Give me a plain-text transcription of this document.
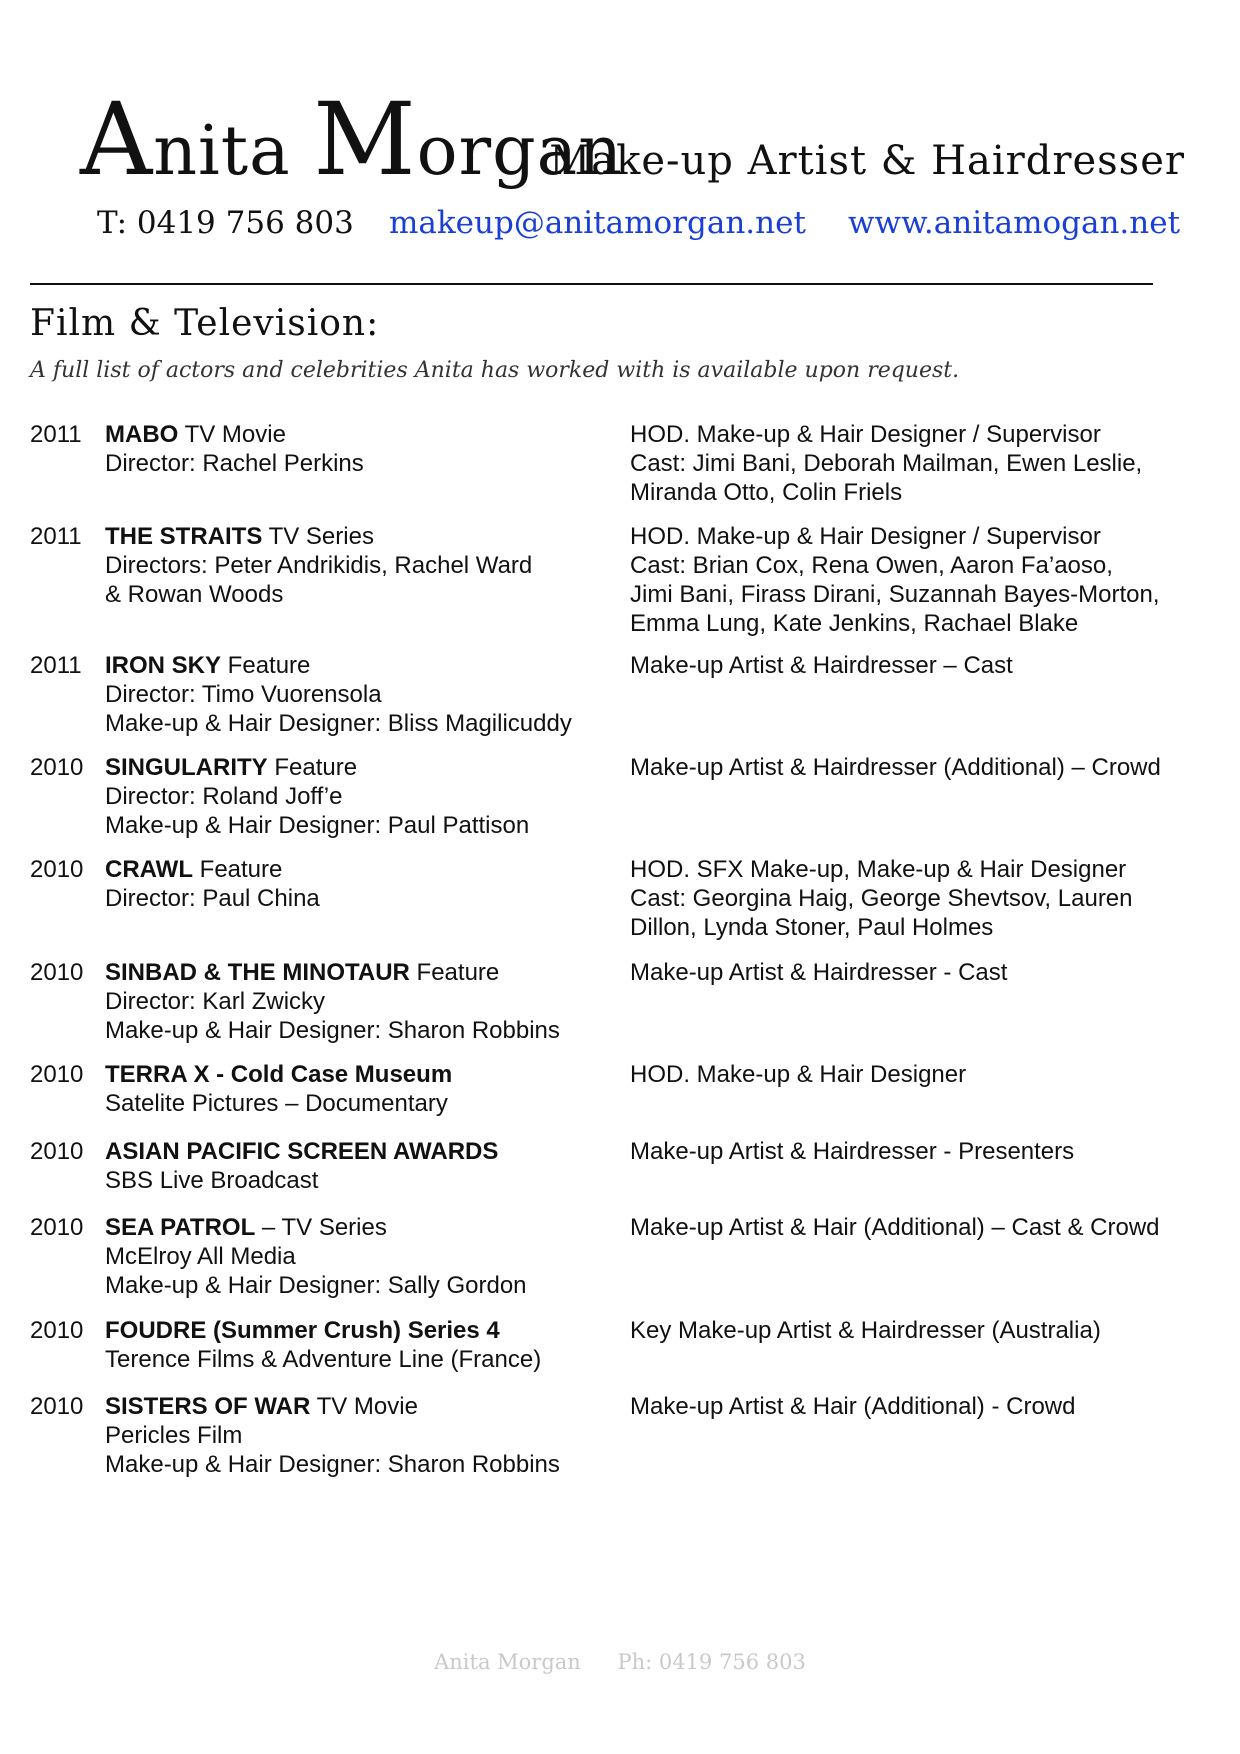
Anita Morgan
Make-up Artist & Hairdresser
T: 0419 756 803 makeup@anitamorgan.net www.anitamogan.net
Film & Television:
A full list of actors and celebrities Anita has worked with is available upon request.
2011 MABO TV Movie
Director: Rachel Perkins
HOD. Make-up & Hair Designer / Supervisor
Cast: Jimi Bani, Deborah Mailman, Ewen Leslie,
Miranda Otto, Colin Friels
2011 THE STRAITS TV Series
Directors: Peter Andrikidis, Rachel Ward
& Rowan Woods
HOD. Make-up & Hair Designer / Supervisor
Cast: Brian Cox, Rena Owen, Aaron Fa’aoso,
Jimi Bani, Firass Dirani, Suzannah Bayes-Morton,
Emma Lung, Kate Jenkins, Rachael Blake
2011 IRON SKY Feature
Director: Timo Vuorensola
Make-up & Hair Designer: Bliss Magilicuddy
Make-up Artist & Hairdresser – Cast
2010 SINGULARITY Feature
Director: Roland Joff’e
Make-up & Hair Designer: Paul Pattison
Make-up Artist & Hairdresser (Additional) – Crowd
2010 CRAWL Feature
Director: Paul China
HOD. SFX Make-up, Make-up & Hair Designer
Cast: Georgina Haig, George Shevtsov, Lauren
Dillon, Lynda Stoner, Paul Holmes
2010 SINBAD & THE MINOTAUR Feature
Director: Karl Zwicky
Make-up & Hair Designer: Sharon Robbins
Make-up Artist & Hairdresser - Cast
2010 TERRA X - Cold Case Museum
Satelite Pictures – Documentary
HOD. Make-up & Hair Designer
2010 ASIAN PACIFIC SCREEN AWARDS
SBS Live Broadcast
Make-up Artist & Hairdresser - Presenters
2010 SEA PATROL – TV Series
McElroy All Media
Make-up & Hair Designer: Sally Gordon
Make-up Artist & Hair (Additional) – Cast & Crowd
2010 FOUDRE (Summer Crush) Series 4
Terence Films & Adventure Line (France)
Key Make-up Artist & Hairdresser (Australia)
2010 SISTERS OF WAR TV Movie
Pericles Film
Make-up & Hair Designer: Sharon Robbins
Make-up Artist & Hair (Additional) - Crowd
Anita Morgan Ph: 0419 756 803
